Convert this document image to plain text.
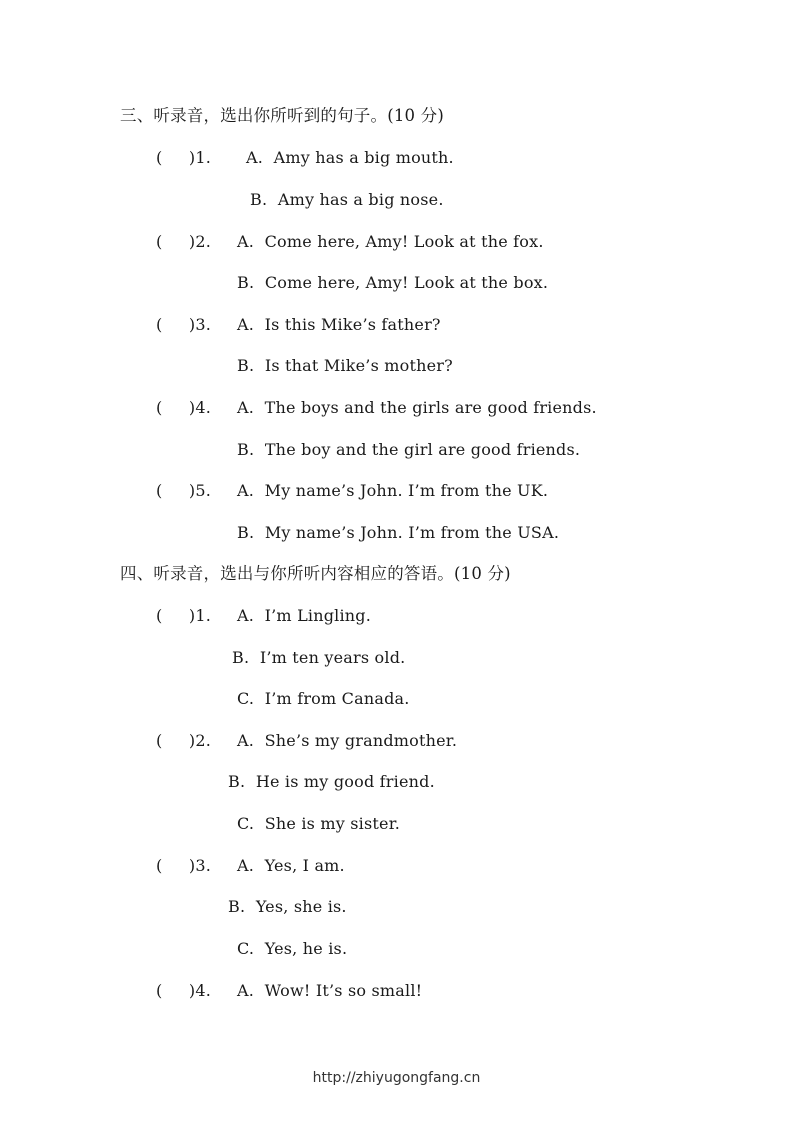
三、听录音，选出你所听到的句子。(10 分)
(     )1. A.  Amy has a big mouth.
B.  Amy has a big nose.
(     )2. A.  Come here, Amy! Look at the fox.
B.  Come here, Amy! Look at the box.
(     )3. A.  Is this Mike’s father?
B.  Is that Mike’s mother?
(     )4. A.  The boys and the girls are good friends.
B.  The boy and the girl are good friends.
(     )5. A.  My name’s John. I’m from the UK.
B.  My name’s John. I’m from the USA.
四、听录音，选出与你所听内容相应的答语。(10 分)
(     )1. A.  I’m Lingling.
B.  I’m ten years old.
C.  I’m from Canada.
(     )2. A.  She’s my grandmother.
B.  He is my good friend.
C.  She is my sister.
(     )3. A.  Yes, I am.
B.  Yes, she is.
C.  Yes, he is.
(     )4. A.  Wow! It’s so small!
http://zhiyugongfang.cn
